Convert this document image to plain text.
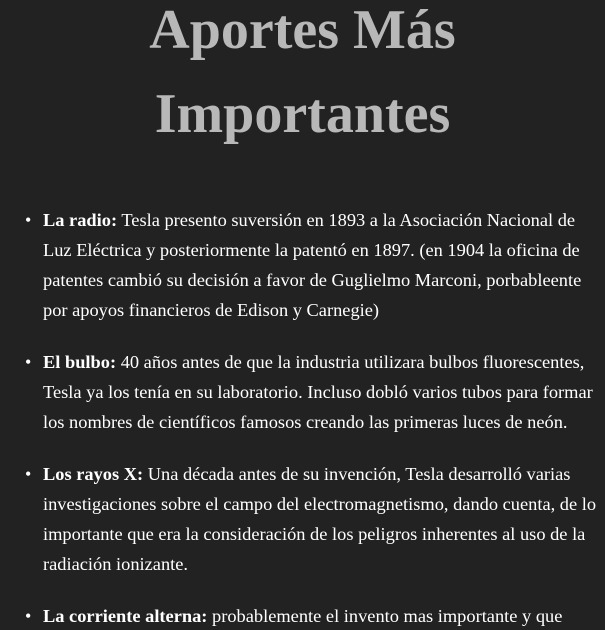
Aportes Más Importantes
• La radio: Tesla presento suversión en 1893 a la Asociación Nacional de Luz Eléctrica y posteriormente la patentó en 1897. (en 1904 la oficina de patentes cambió su decisión a favor de Guglielmo Marconi, porbableente por apoyos financieros de Edison y Carnegie)
• El bulbo: 40 años antes de que la industria utilizara bulbos fluorescentes, Tesla ya los tenía en su laboratorio. Incluso dobló varios tubos para formar los nombres de científicos famosos creando las primeras luces de neón.
• Los rayos X: Una década antes de su invención, Tesla desarrolló varias investigaciones sobre el campo del electromagnetismo, dando cuenta, de lo importante que era la consideración de los peligros inherentes al uso de la radiación ionizante.
• La corriente alterna: probablemente el invento mas importante y que
